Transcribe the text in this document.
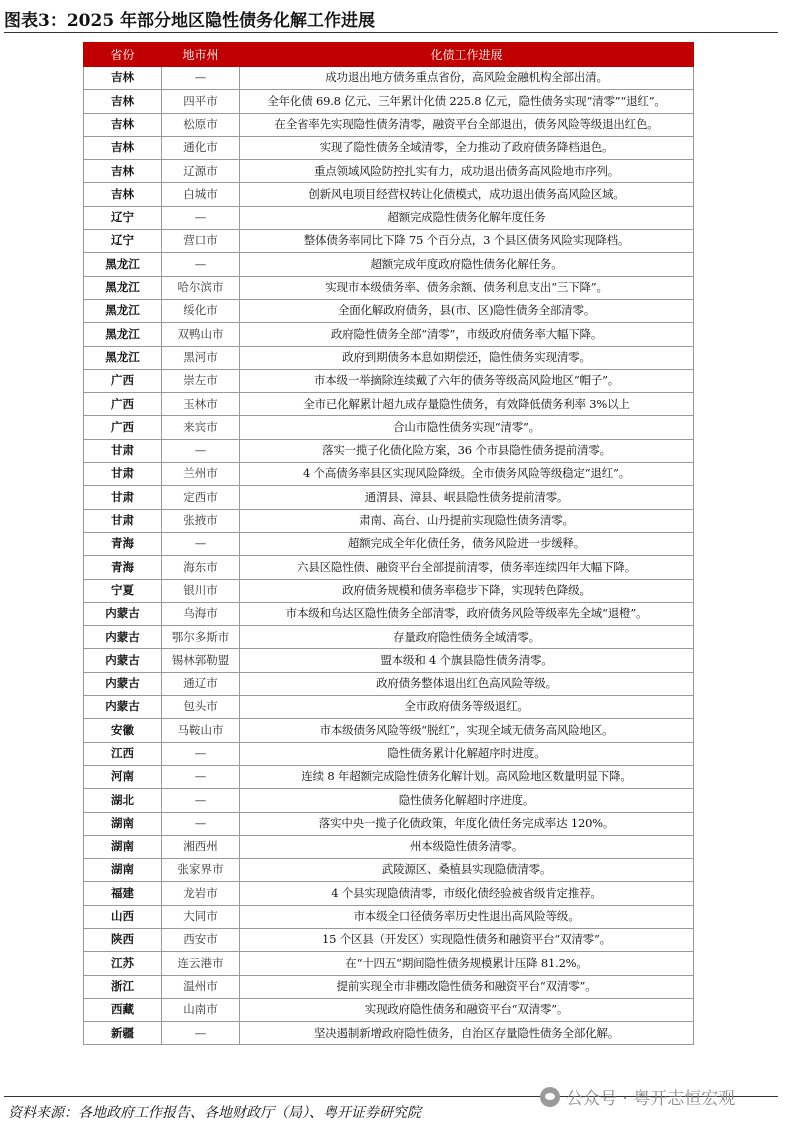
图表3：2025 年部分地区隐性债务化解工作进展
省份	地市州	化债工作进展
吉林	—	成功退出地方债务重点省份，高风险金融机构全部出清。
吉林	四平市	全年化债 69.8 亿元、三年累计化债 225.8 亿元，隐性债务实现“清零”“退红”。
吉林	松原市	在全省率先实现隐性债务清零，融资平台全部退出，债务风险等级退出红色。
吉林	通化市	实现了隐性债务全域清零，全力推动了政府债务降档退色。
吉林	辽源市	重点领域风险防控扎实有力，成功退出债务高风险地市序列。
吉林	白城市	创新风电项目经营权转让化债模式，成功退出债务高风险区域。
辽宁	—	超额完成隐性债务化解年度任务
辽宁	营口市	整体债务率同比下降 75 个百分点，3 个县区债务风险实现降档。
黑龙江	—	超额完成年度政府隐性债务化解任务。
黑龙江	哈尔滨市	实现市本级债务率、债务余额、债务利息支出“三下降”。
黑龙江	绥化市	全面化解政府债务，县(市、区)隐性债务全部清零。
黑龙江	双鸭山市	政府隐性债务全部“清零”，市级政府债务率大幅下降。
黑龙江	黑河市	政府到期债务本息如期偿还，隐性债务实现清零。
广西	崇左市	市本级一举摘除连续戴了六年的债务等级高风险地区“帽子”。
广西	玉林市	全市已化解累计超九成存量隐性债务，有效降低债务利率 3%以上
广西	来宾市	合山市隐性债务实现“清零”。
甘肃	—	落实一揽子化债化险方案，36 个市县隐性债务提前清零。
甘肃	兰州市	4 个高债务率县区实现风险降级。全市债务风险等级稳定“退红”。
甘肃	定西市	通渭县、漳县、岷县隐性债务提前清零。
甘肃	张掖市	肃南、高台、山丹提前实现隐性债务清零。
青海	—	超额完成全年化债任务，债务风险进一步缓释。
青海	海东市	六县区隐性债、融资平台全部提前清零，债务率连续四年大幅下降。
宁夏	银川市	政府债务规模和债务率稳步下降，实现转色降级。
内蒙古	乌海市	市本级和乌达区隐性债务全部清零，政府债务风险等级率先全域“退橙”。
内蒙古	鄂尔多斯市	存量政府隐性债务全域清零。
内蒙古	锡林郭勒盟	盟本级和 4 个旗县隐性债务清零。
内蒙古	通辽市	政府债务整体退出红色高风险等级。
内蒙古	包头市	全市政府债务等级退红。
安徽	马鞍山市	市本级债务风险等级“脱红”，实现全域无债务高风险地区。
江西	—	隐性债务累计化解超序时进度。
河南	—	连续 8 年超额完成隐性债务化解计划。高风险地区数量明显下降。
湖北	—	隐性债务化解超时序进度。
湖南	—	落实中央一揽子化债政策，年度化债任务完成率达 120%。
湖南	湘西州	州本级隐性债务清零。
湖南	张家界市	武陵源区、桑植县实现隐债清零。
福建	龙岩市	4 个县实现隐债清零，市级化债经验被省级肯定推荐。
山西	大同市	市本级全口径债务率历史性退出高风险等级。
陕西	西安市	15 个区县（开发区）实现隐性债务和融资平台“双清零”。
江苏	连云港市	在“十四五”期间隐性债务规模累计压降 81.2%。
浙江	温州市	提前实现全市非棚改隐性债务和融资平台“双清零”。
西藏	山南市	实现政府隐性债务和融资平台“双清零”。
新疆	—	坚决遏制新增政府隐性债务，自治区存量隐性债务全部化解。
资料来源：各地政府工作报告、各地财政厅（局）、粤开证券研究院
公众号 · 粤开志恒宏观
